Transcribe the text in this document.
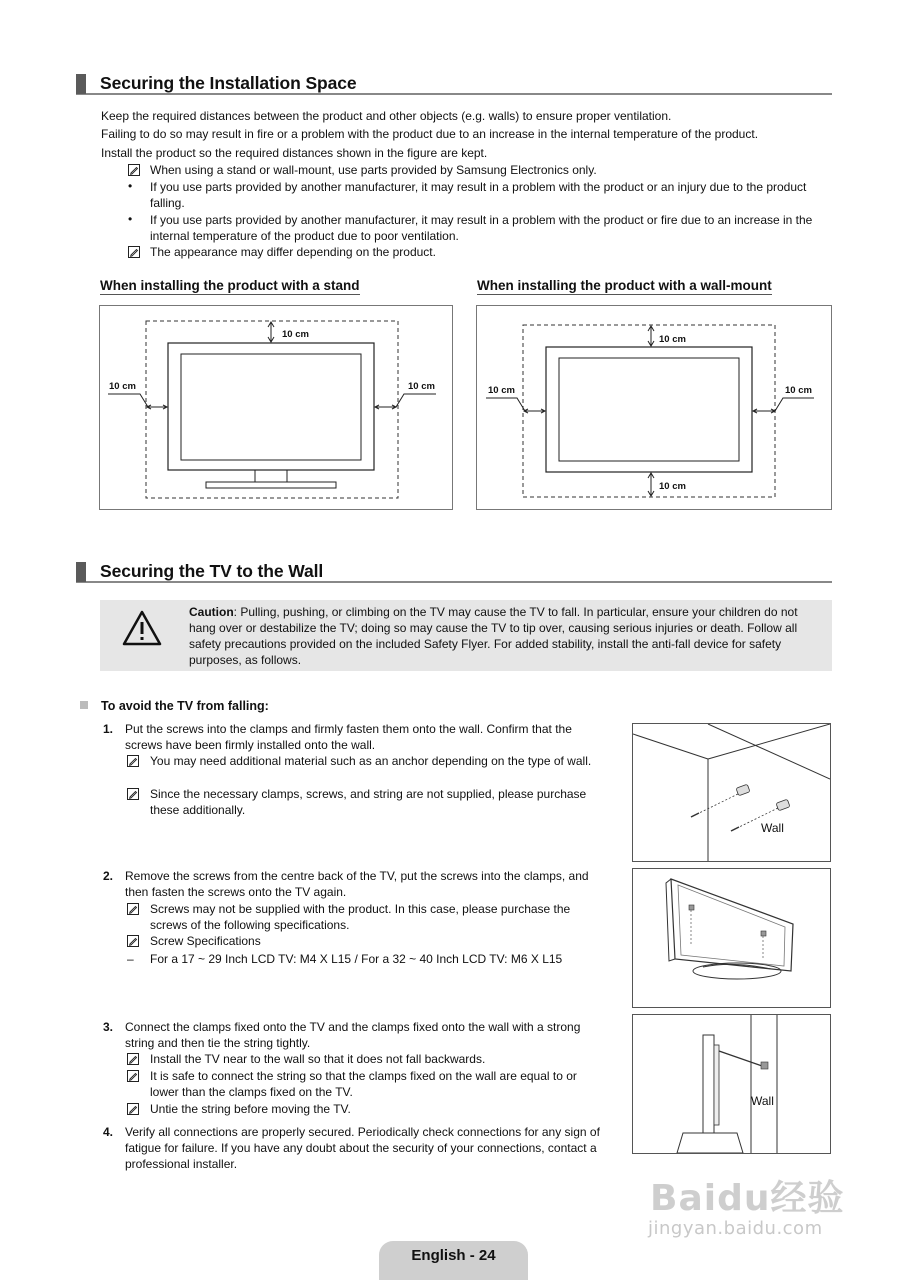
Securing the Installation Space
Keep the required distances between the product and other objects (e.g. walls) to ensure proper ventilation.
Failing to do so may result in fire or a problem with the product due to an increase in the internal temperature of the product.
Install the product so the required distances shown in the figure are kept.
When using a stand or wall-mount, use parts provided by Samsung Electronics only.
• If you use parts provided by another manufacturer, it may result in a problem with the product or an injury due to the product falling.
• If you use parts provided by another manufacturer, it may result in a problem with the product or fire due to an increase in the internal temperature of the product due to poor ventilation.
The appearance may differ depending on the product.
When installing the product with a stand	When installing the product with a wall-mount
10 cm
10 cm	10 cm
10 cm
10 cm
10 cm	10 cm
Securing the TV to the Wall
Caution: Pulling, pushing, or climbing on the TV may cause the TV to fall. In particular, ensure your children do not hang over or destabilize the TV; doing so may cause the TV to tip over, causing serious injuries or death. Follow all safety precautions provided on the included Safety Flyer. For added stability, install the anti-fall device for safety purposes, as follows.
To avoid the TV from falling:
1. Put the screws into the clamps and firmly fasten them onto the wall. Confirm that the screws have been firmly installed onto the wall.
You may need additional material such as an anchor depending on the type of wall.
Since the necessary clamps, screws, and string are not supplied, please purchase these additionally.
2. Remove the screws from the centre back of the TV, put the screws into the clamps, and then fasten the screws onto the TV again.
Screws may not be supplied with the product. In this case, please purchase the screws of the following specifications.
Screw Specifications
– For a 17 ~ 29 Inch LCD TV: M4 X L15 / For a 32 ~ 40 Inch LCD TV: M6 X L15
3. Connect the clamps fixed onto the TV and the clamps fixed onto the wall with a strong string and then tie the string tightly.
Install the TV near to the wall so that it does not fall backwards.
It is safe to connect the string so that the clamps fixed on the wall are equal to or lower than the clamps fixed on the TV.
Untie the string before moving the TV.
4. Verify all connections are properly secured. Periodically check connections for any sign of fatigue for failure. If you have any doubt about the security of your connections, contact a professional installer.
Wall
Wall
Baidu经验
jingyan.baidu.com
English - 24
